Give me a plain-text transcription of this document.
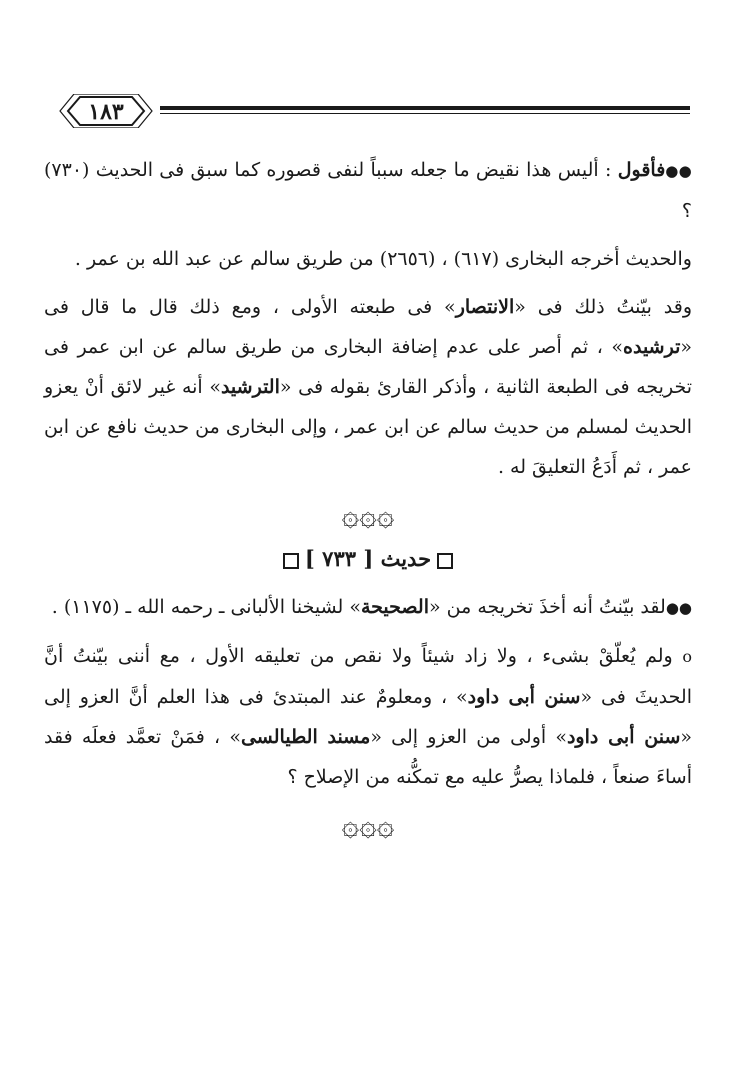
١٨٣

●●فأقول : أليس هذا نقيض ما جعله سبباً لنفى قصوره كما سبق فى الحديث (٧٣٠) ؟

والحديث أخرجه البخارى (٦١٧) ، (٢٦٥٦) من طريق سالم عن عبد الله بن عمر .

وقد بيّنتُ ذلك فى «الانتصار» فى طبعته الأولى ، ومع ذلك قال ما قال فى «ترشيده» ، ثم أصر على عدم إضافة البخارى من طريق سالم عن ابن عمر فى تخريجه فى الطبعة الثانية ، وأذكر القارئ بقوله فى «الترشيد» أنه غير لائق أنْ يعزو الحديث لمسلم من حديث سالم عن ابن عمر ، وإلى البخارى من حديث نافع عن ابن عمر ، ثم أَدَعُ التعليقَ له .

۞۞۞
حديث [ ٧٣٣ ]

●●لقد بيّنتُ أنه أخذَ تخريجه من «الصحيحة» لشيخنا الألبانى ـ رحمه الله ـ (١١٧٥) .

o ولم يُعلّقْ بشىء ، ولا زاد شيئاً ولا نقص من تعليقه الأول ، مع أننى بيّنتُ أنَّ الحديثَ فى «سنن أبى داود» ، ومعلومٌ عند المبتدئ فى هذا العلم أنَّ العزو إلى «سنن أبى داود» أولى من العزو إلى «مسند الطيالسى» ، فمَنْ تعمَّد فعلَه فقد أساءَ صنعاً ، فلماذا يصرُّ عليه مع تمكُّنه من الإصلاح ؟

۞۞۞
